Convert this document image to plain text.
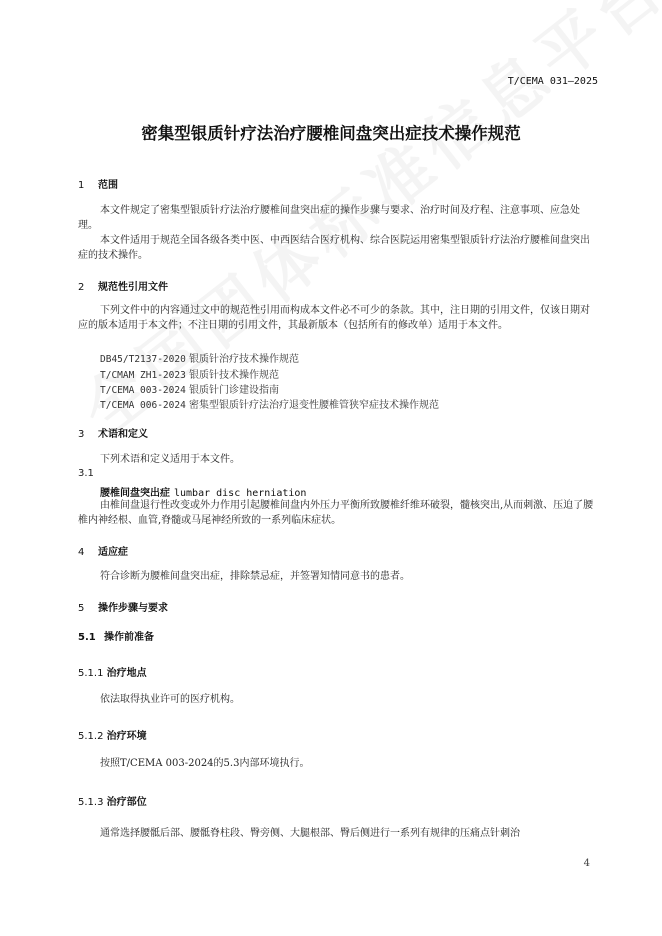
T/CEMA 031—2025
密集型银质针疗法治疗腰椎间盘突出症技术操作规范
1 范围
本文件规定了密集型银质针疗法治疗腰椎间盘突出症的操作步骤与要求、治疗时间及疗程、注意事项、应急处理。
本文件适用于规范全国各级各类中医、中西医结合医疗机构、综合医院运用密集型银质针疗法治疗腰椎间盘突出症的技术操作。
2 规范性引用文件
下列文件中的内容通过文中的规范性引用而构成本文件必不可少的条款。其中，注日期的引用文件，仅该日期对应的版本适用于本文件；不注日期的引用文件，其最新版本（包括所有的修改单）适用于本文件。
DB45/T2137-2020 银质针治疗技术操作规范
T/CMAM ZH1-2023 银质针技术操作规范
T/CEMA 003-2024 银质针门诊建设指南
T/CEMA 006-2024 密集型银质针疗法治疗退变性腰椎管狭窄症技术操作规范
3 术语和定义
下列术语和定义适用于本文件。
3.1
腰椎间盘突出症 lumbar disc herniation
由椎间盘退行性改变或外力作用引起腰椎间盘内外压力平衡所致腰椎纤维环破裂，髓核突出,从而刺激、压迫了腰椎内神经根、血管,脊髓或马尾神经所致的一系列临床症状。
4 适应症
符合诊断为腰椎间盘突出症，排除禁忌症，并签署知情同意书的患者。
5 操作步骤与要求
5.1 操作前准备
5.1.1 治疗地点
依法取得执业许可的医疗机构。
5.1.2 治疗环境
按照T/CEMA 003-2024的5.3内部环境执行。
5.1.3 治疗部位
通常选择腰骶后部、腰骶脊柱段、臀旁侧、大腿根部、臀后侧进行一系列有规律的压痛点针刺治
4
